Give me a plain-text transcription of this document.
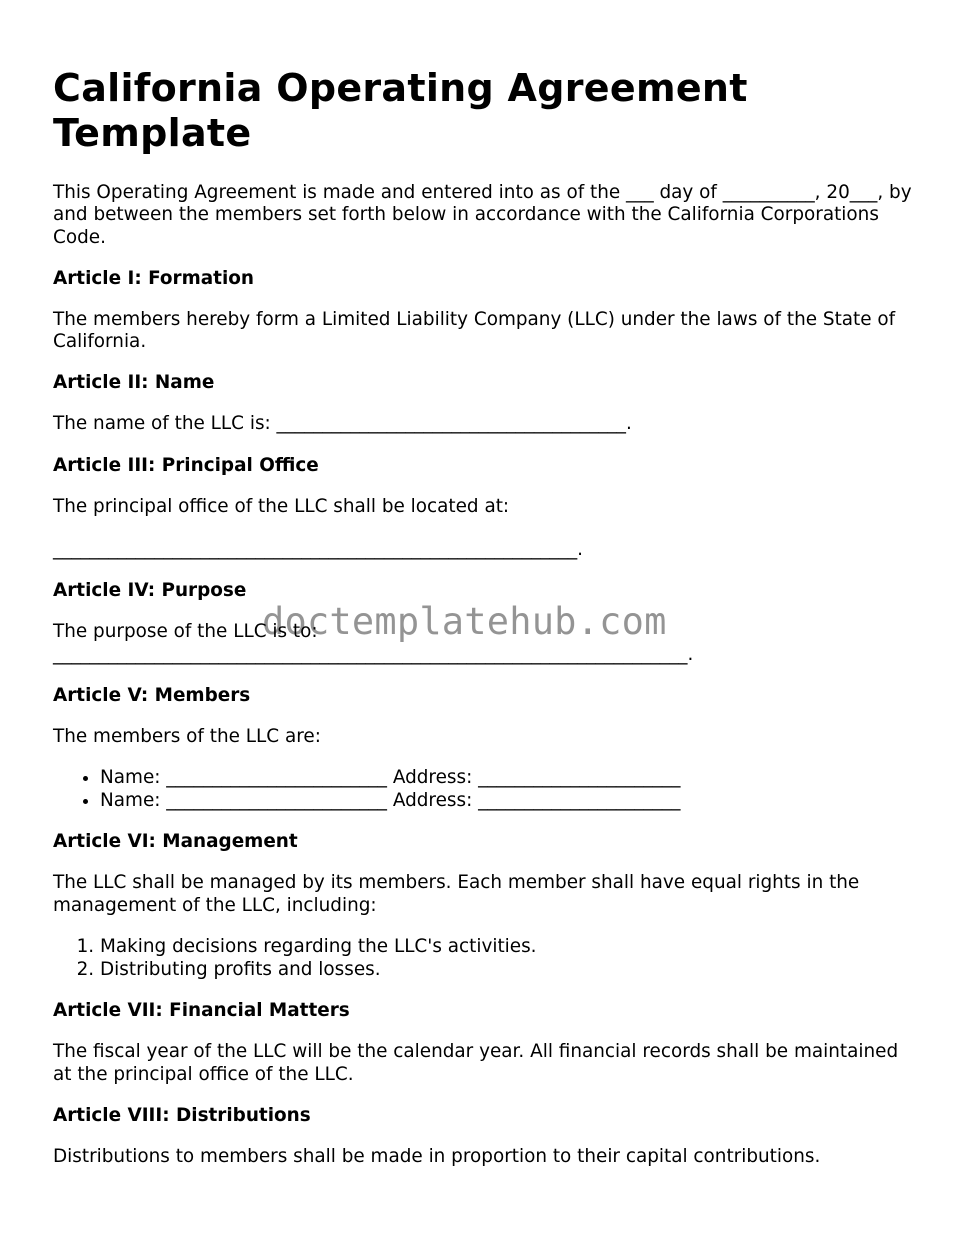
California Operating Agreement Template

This Operating Agreement is made and entered into as of the ___ day of __________, 20___, by and between the members set forth below in accordance with the California Corporations Code.

Article I: Formation

The members hereby form a Limited Liability Company (LLC) under the laws of the State of California.

Article II: Name

The name of the LLC is: ______________________________________.

Article III: Principal Office

The principal office of the LLC shall be located at:

_________________________________________________________.

Article IV: Purpose

The purpose of the LLC is to: _____________________________________________________________________.

Article V: Members

The members of the LLC are:

• Name: ________________________ Address: ______________________
• Name: ________________________ Address: ______________________
Article VI: Management

The LLC shall be managed by its members. Each member shall have equal rights in the management of the LLC, including:

1. Making decisions regarding the LLC's activities.
2. Distributing profits and losses.
Article VII: Financial Matters

The fiscal year of the LLC will be the calendar year. All financial records shall be maintained at the principal office of the LLC.

Article VIII: Distributions

Distributions to members shall be made in proportion to their capital contributions.

doctemplatehub.com
